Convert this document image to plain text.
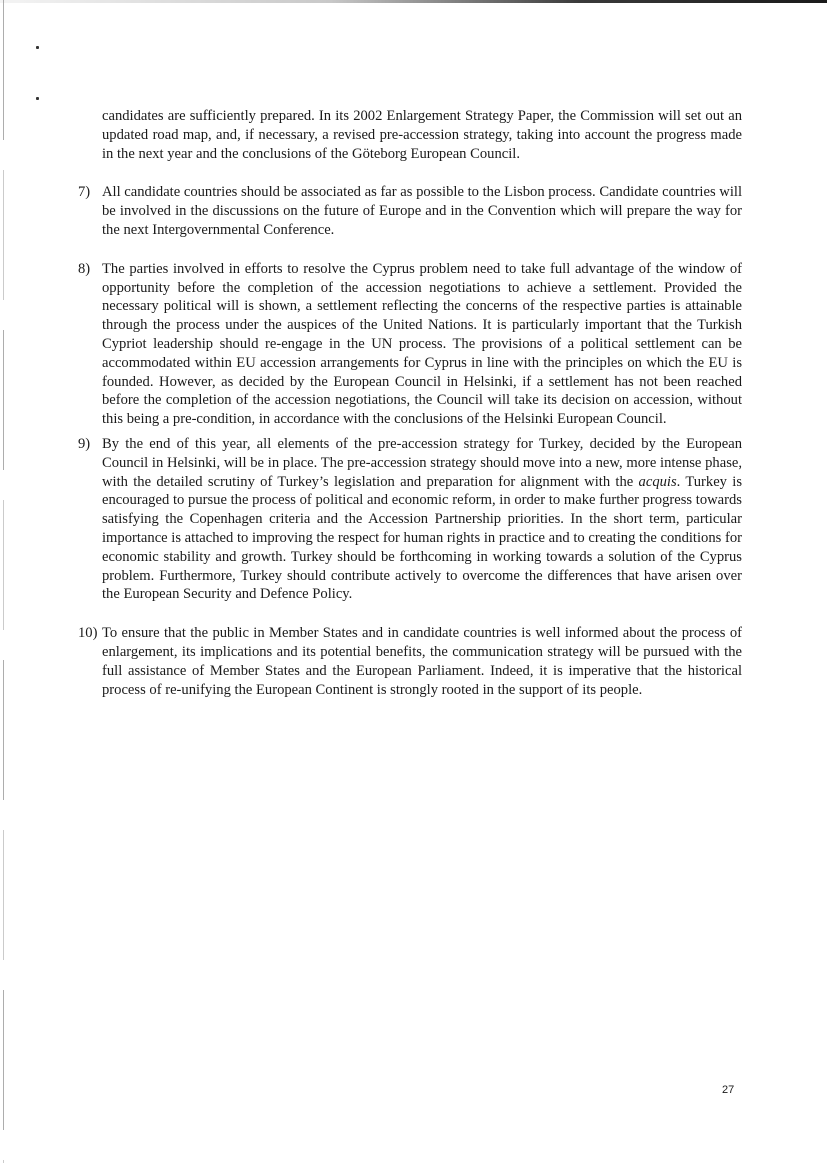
candidates are sufficiently prepared. In its 2002 Enlargement Strategy Paper, the Commission will set out an updated road map, and, if necessary, a revised pre-accession strategy, taking into account the progress made in the next year and the conclusions of the Göteborg European Council.

7) All candidate countries should be associated as far as possible to the Lisbon process. Candidate countries will be involved in the discussions on the future of Europe and in the Convention which will prepare the way for the next Intergovernmental Conference.
8) The parties involved in efforts to resolve the Cyprus problem need to take full advantage of the window of opportunity before the completion of the accession negotiations to achieve a settlement. Provided the necessary political will is shown, a settlement reflecting the concerns of the respective parties is attainable through the process under the auspices of the United Nations. It is particularly important that the Turkish Cypriot leadership should re-engage in the UN process. The provisions of a political settlement can be accommodated within EU accession arrangements for Cyprus in line with the principles on which the EU is founded. However, as decided by the European Council in Helsinki, if a settlement has not been reached before the completion of the accession negotiations, the Council will take its decision on accession, without this being a pre-condition, in accordance with the conclusions of the Helsinki European Council.
9) By the end of this year, all elements of the pre-accession strategy for Turkey, decided by the European Council in Helsinki, will be in place. The pre-accession strategy should move into a new, more intense phase, with the detailed scrutiny of Turkey’s legislation and preparation for alignment with the acquis. Turkey is encouraged to pursue the process of political and economic reform, in order to make further progress towards satisfying the Copenhagen criteria and the Accession Partnership priorities. In the short term, particular importance is attached to improving the respect for human rights in practice and to creating the conditions for economic stability and growth. Turkey should be forthcoming in working towards a solution of the Cyprus problem. Furthermore, Turkey should contribute actively to overcome the differences that have arisen over the European Security and Defence Policy.
10) To ensure that the public in Member States and in candidate countries is well informed about the process of enlargement, its implications and its potential benefits, the communication strategy will be pursued with the full assistance of Member States and the European Parliament. Indeed, it is imperative that the historical process of re-unifying the European Continent is strongly rooted in the support of its people.
27
